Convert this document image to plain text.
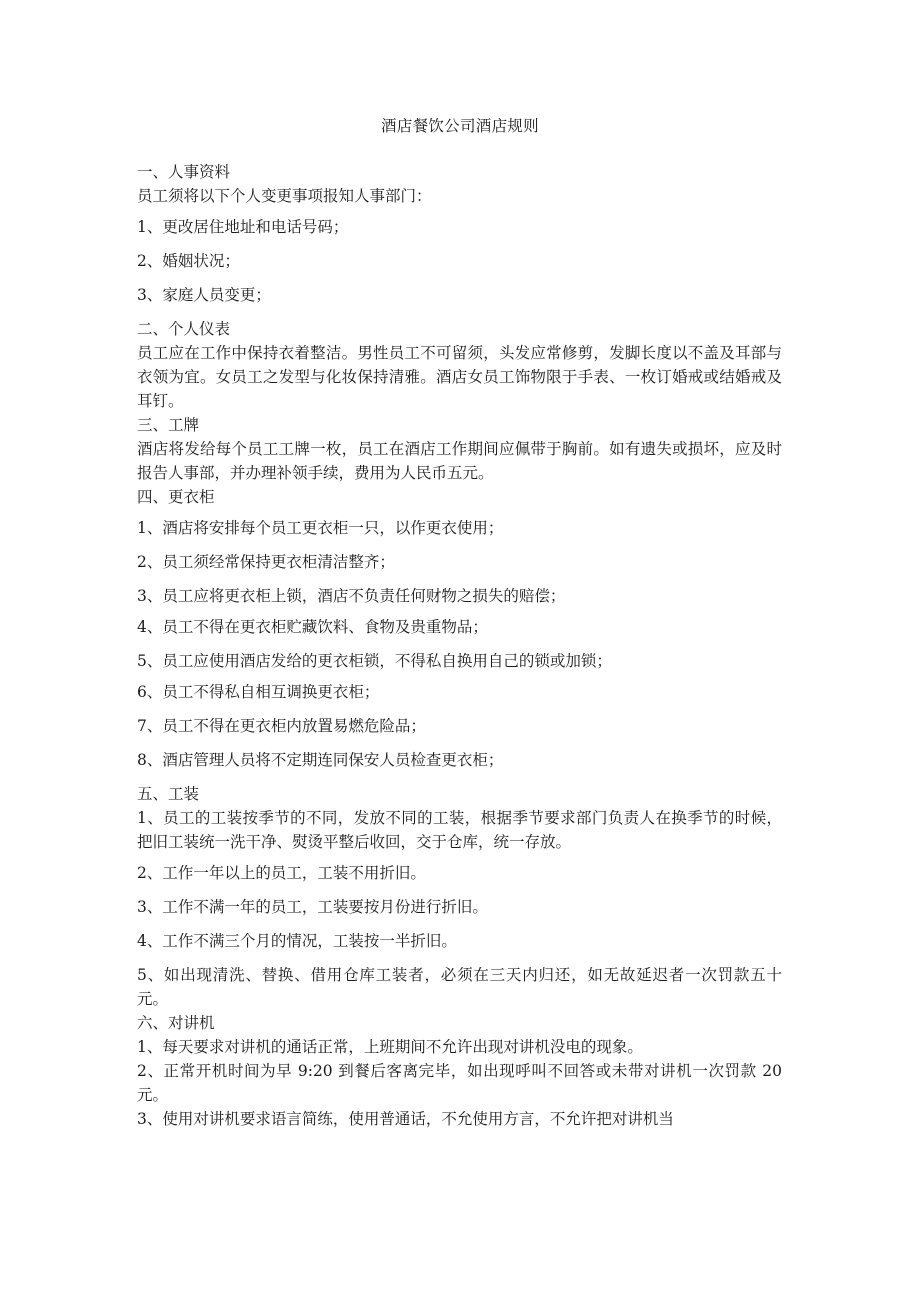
酒店餐饮公司酒店规则
一、人事资料
员工须将以下个人变更事项报知人事部门：
1、更改居住地址和电话号码；
2、婚姻状况；
3、家庭人员变更；
二、个人仪表
员工应在工作中保持衣着整洁。男性员工不可留须，头发应常修剪，发脚长度以不盖及耳部与衣领为宜。女员工之发型与化妆保持清雅。酒店女员工饰物限于手表、一枚订婚戒或结婚戒及耳钉。
三、工牌
酒店将发给每个员工工牌一枚，员工在酒店工作期间应佩带于胸前。如有遗失或损坏，应及时报告人事部，并办理补领手续，费用为人民币五元。
四、更衣柜
1、酒店将安排每个员工更衣柜一只，以作更衣使用；
2、员工须经常保持更衣柜清洁整齐；
3、员工应将更衣柜上锁，酒店不负责任何财物之损失的赔偿；
4、员工不得在更衣柜贮藏饮料、食物及贵重物品；
5、员工应使用酒店发给的更衣柜锁，不得私自换用自己的锁或加锁；
6、员工不得私自相互调换更衣柜；
7、员工不得在更衣柜内放置易燃危险品；
8、酒店管理人员将不定期连同保安人员检查更衣柜；
五、工装
1、员工的工装按季节的不同，发放不同的工装，根据季节要求部门负责人在换季节的时候，把旧工装统一洗干净、熨烫平整后收回，交于仓库，统一存放。
2、工作一年以上的员工，工装不用折旧。
3、工作不满一年的员工，工装要按月份进行折旧。
4、工作不满三个月的情况，工装按一半折旧。
5、如出现清洗、替换、借用仓库工装者，必须在三天内归还，如无故延迟者一次罚款五十元。
六、对讲机
1、每天要求对讲机的通话正常，上班期间不允许出现对讲机没电的现象。
2、正常开机时间为早 9:20 到餐后客离完毕，如出现呼叫不回答或未带对讲机一次罚款 20 元。
3、使用对讲机要求语言简练，使用普通话，不允使用方言，不允许把对讲机当
